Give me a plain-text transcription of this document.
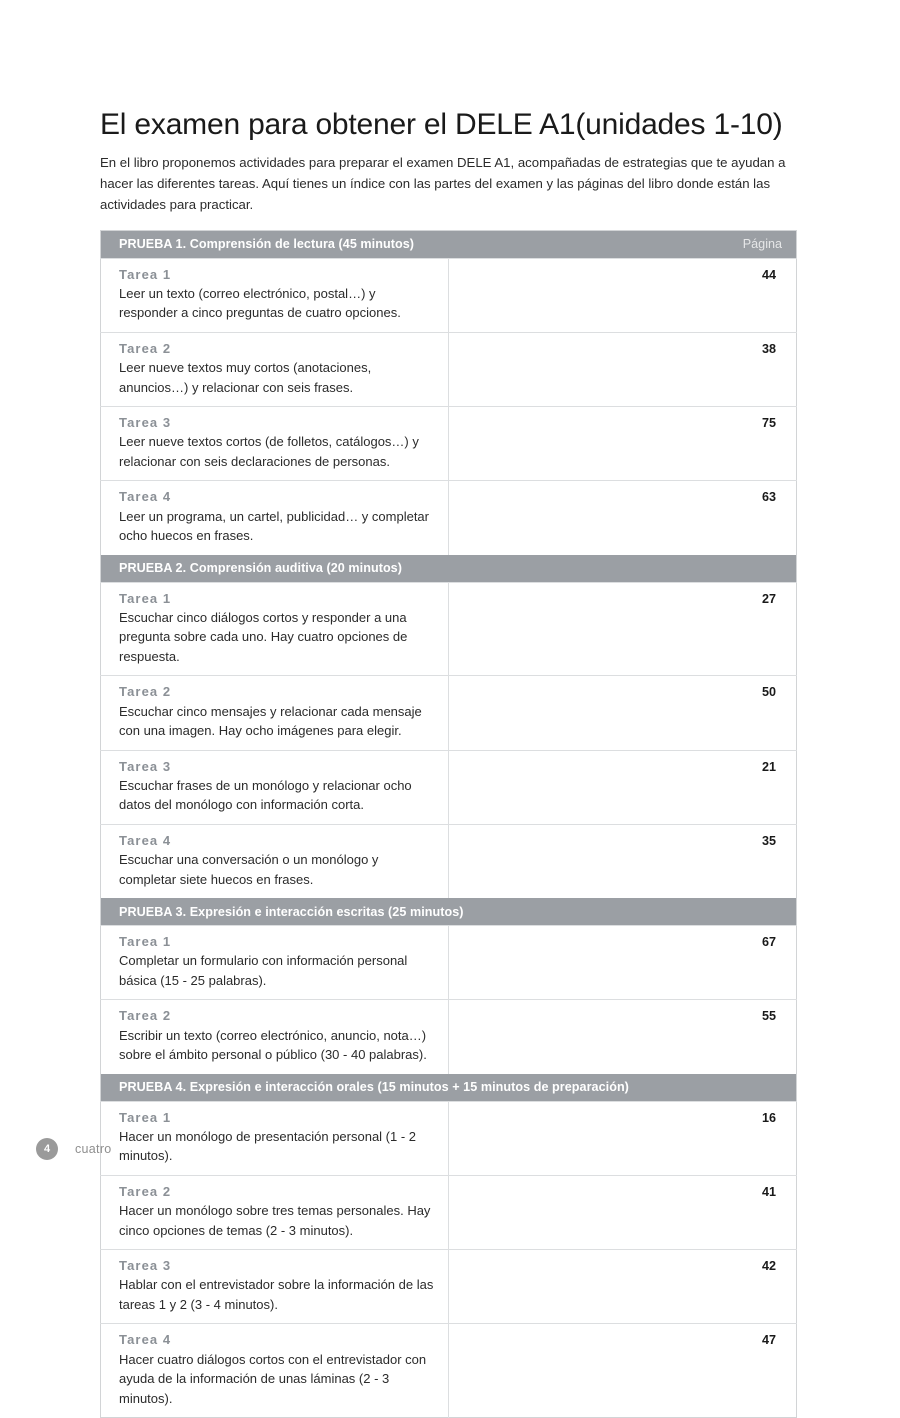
El examen para obtener el DELE A1(unidades 1-10)

En el libro proponemos actividades para preparar el examen DELE A1, acompañadas de estrategias que te ayudan a hacer las diferentes tareas. Aquí tienes un índice con las partes del examen y las páginas del libro donde están las actividades para practicar.

PRUEBA 1. Comprensión de lectura (45 minutos) Página	

Tarea 1
Leer un texto (correo electrónico, postal…) y responder a cinco preguntas de cuatro opciones.	44

Tarea 2
Leer nueve textos muy cortos (anotaciones, anuncios…) y relacionar con seis frases.	38

Tarea 3
Leer nueve textos cortos (de folletos, catálogos…) y relacionar con seis declaraciones de personas.	75

Tarea 4
Leer un programa, un cartel, publicidad… y completar ocho huecos en frases.	63

PRUEBA 2. Comprensión auditiva (20 minutos)	

Tarea 1
Escuchar cinco diálogos cortos y responder a una pregunta sobre cada uno. Hay cuatro opciones de respuesta.	27

Tarea 2
Escuchar cinco mensajes y relacionar cada mensaje con una imagen. Hay ocho imágenes para elegir.	50

Tarea 3
Escuchar frases de un monólogo y relacionar ocho datos del monólogo con información corta.	21

Tarea 4
Escuchar una conversación o un monólogo y completar siete huecos en frases.	35

PRUEBA 3. Expresión e interacción escritas (25 minutos)	

Tarea 1
Completar un formulario con información personal básica (15 - 25 palabras).	67

Tarea 2
Escribir un texto (correo electrónico, anuncio, nota…) sobre el ámbito personal o público (30 - 40 palabras).	55

PRUEBA 4. Expresión e interacción orales (15 minutos + 15 minutos de preparación)	

Tarea 1
Hacer un monólogo de presentación personal (1 - 2 minutos).	16

Tarea 2
Hacer un monólogo sobre tres temas personales. Hay cinco opciones de temas (2 - 3 minutos).	41

Tarea 3
Hablar con el entrevistador sobre la información de las tareas 1 y 2 (3 - 4 minutos).	42

Tarea 4
Hacer cuatro diálogos cortos con el entrevistador con ayuda de la información de unas láminas (2 - 3 minutos).	47
4	cuatro
